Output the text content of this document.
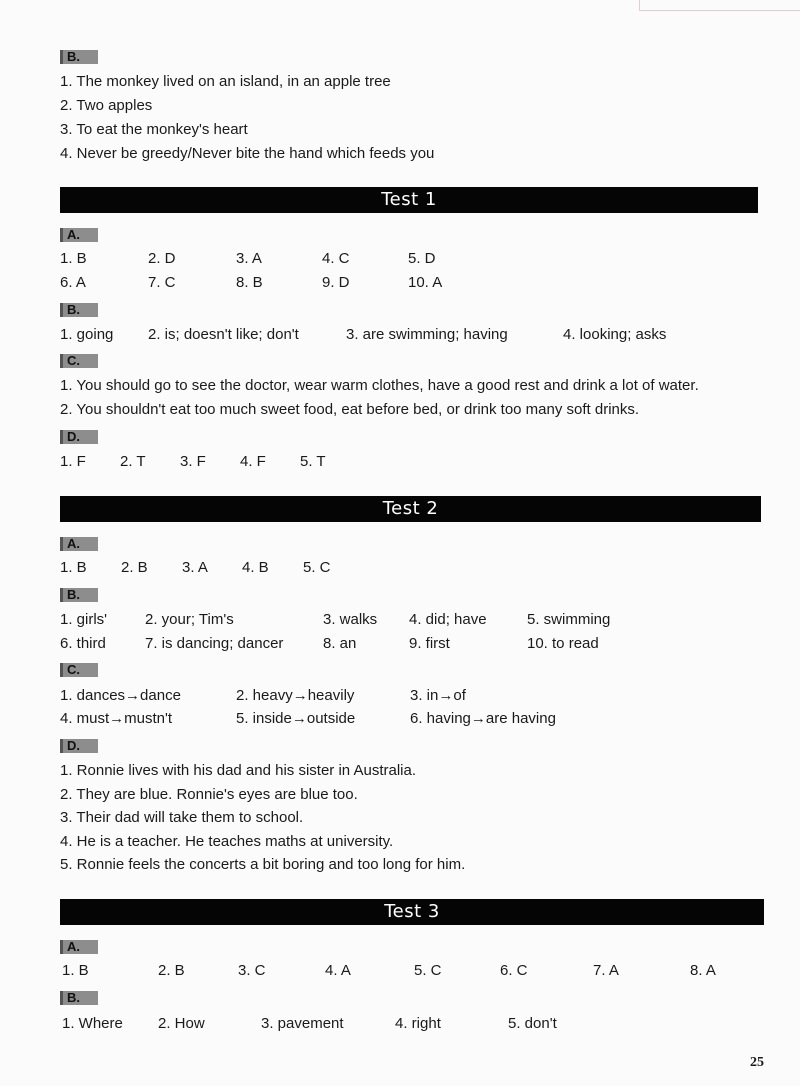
B.
1. The monkey lived on an island, in an apple tree
2. Two apples
3. To eat the monkey's heart
4. Never be greedy/Never bite the hand which feeds you
Test 1
A.
1. B	2. D	3. A	4. C	5. D
6. A	7. C	8. B	9. D	10. A
B.
1. going 2. is; doesn't like; don't	3. are swimming; having	4. looking; asks
C.
1. You should go to see the doctor, wear warm clothes, have a good rest and drink a lot of water.
2. You shouldn't eat too much sweet food, eat before bed, or drink too many soft drinks.
D.
1. F 2. T 3. F 4. F 5. T
Test 2
A.
1. B 2. B 3. A 4. B 5. C
B.
1. girls'	2. your; Tim's	3. walks 4. did; have	5. swimming
6. third	7. is dancing; dancer	8. an	9. first	10. to read
C.
1. dances→dance	2. heavy→heavily	3. in→of
4. must→mustn't	5. inside→outside	6. having→are having
D.
1. Ronnie lives with his dad and his sister in Australia.
2. They are blue. Ronnie's eyes are blue too.
3. Their dad will take them to school.
4. He is a teacher. He teaches maths at university.
5. Ronnie feels the concerts a bit boring and too long for him.
Test 3
A.
1. B	2. B	3. C	4. A	5. C	6. C	7. A	8. A
B.
1. Where 2. How	3. pavement	4. right	5. don't
25
